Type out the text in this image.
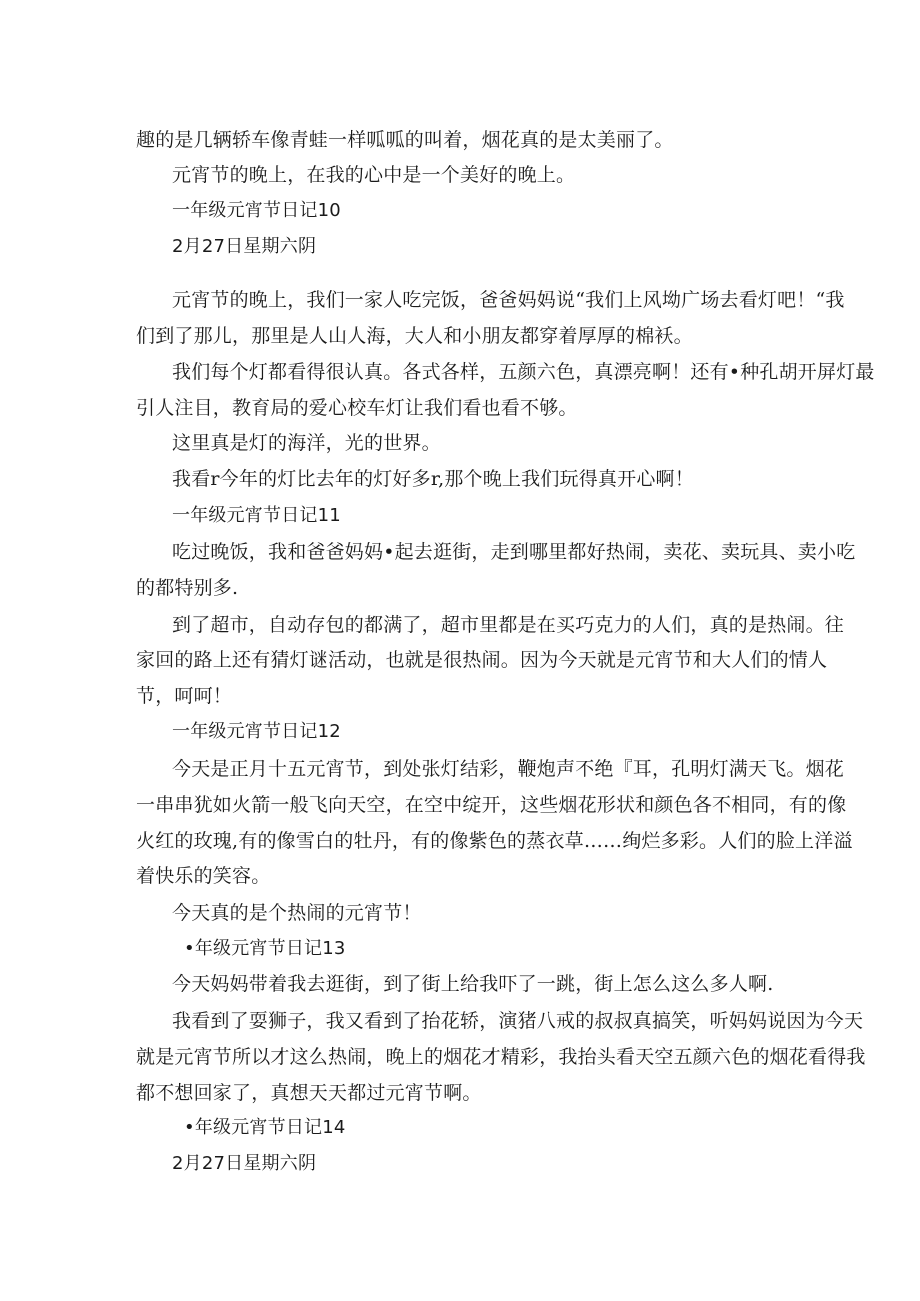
趣的是几辆轿车像青蛙一样呱呱的叫着，烟花真的是太美丽了。
元宵节的晚上，在我的心中是一个美好的晚上。
一年级元宵节日记10
2月27日星期六阴
元宵节的晚上，我们一家人吃完饭，爸爸妈妈说“我们上风坳广场去看灯吧！“我
们到了那儿，那里是人山人海，大人和小朋友都穿着厚厚的棉袄。
我们每个灯都看得很认真。各式各样，五颜六色，真漂亮啊！还有•种孔胡开屏灯最
引人注目，教育局的爱心校车灯让我们看也看不够。
这里真是灯的海洋，光的世界。
我看r今年的灯比去年的灯好多r,那个晚上我们玩得真开心啊！
一年级元宵节日记11
吃过晚饭，我和爸爸妈妈•起去逛街，走到哪里都好热闹，卖花、卖玩具、卖小吃
的都特别多.
到了超市，自动存包的都满了，超市里都是在买巧克力的人们，真的是热闹。往
家回的路上还有猜灯谜活动，也就是很热闹。因为今天就是元宵节和大人们的情人
节，呵呵！
一年级元宵节日记12
今天是正月十五元宵节，到处张灯结彩，鞭炮声不绝『耳，孔明灯满天飞。烟花
一串串犹如火箭一般飞向天空，在空中绽开，这些烟花形状和颜色各不相同，有的像
火红的玫瑰,有的像雪白的牡丹，有的像紫色的蒸衣草……绚烂多彩。人们的脸上洋溢
着快乐的笑容。
今天真的是个热闹的元宵节！
•年级元宵节日记13
今天妈妈带着我去逛街，到了街上给我吓了一跳，街上怎么这么多人啊.
我看到了耍狮子，我又看到了抬花轿，演猪八戒的叔叔真搞笑，听妈妈说因为今天
就是元宵节所以才这么热闹，晚上的烟花才精彩，我抬头看天空五颜六色的烟花看得我
都不想回家了，真想天天都过元宵节啊。
•年级元宵节日记14
2月27日星期六阴
